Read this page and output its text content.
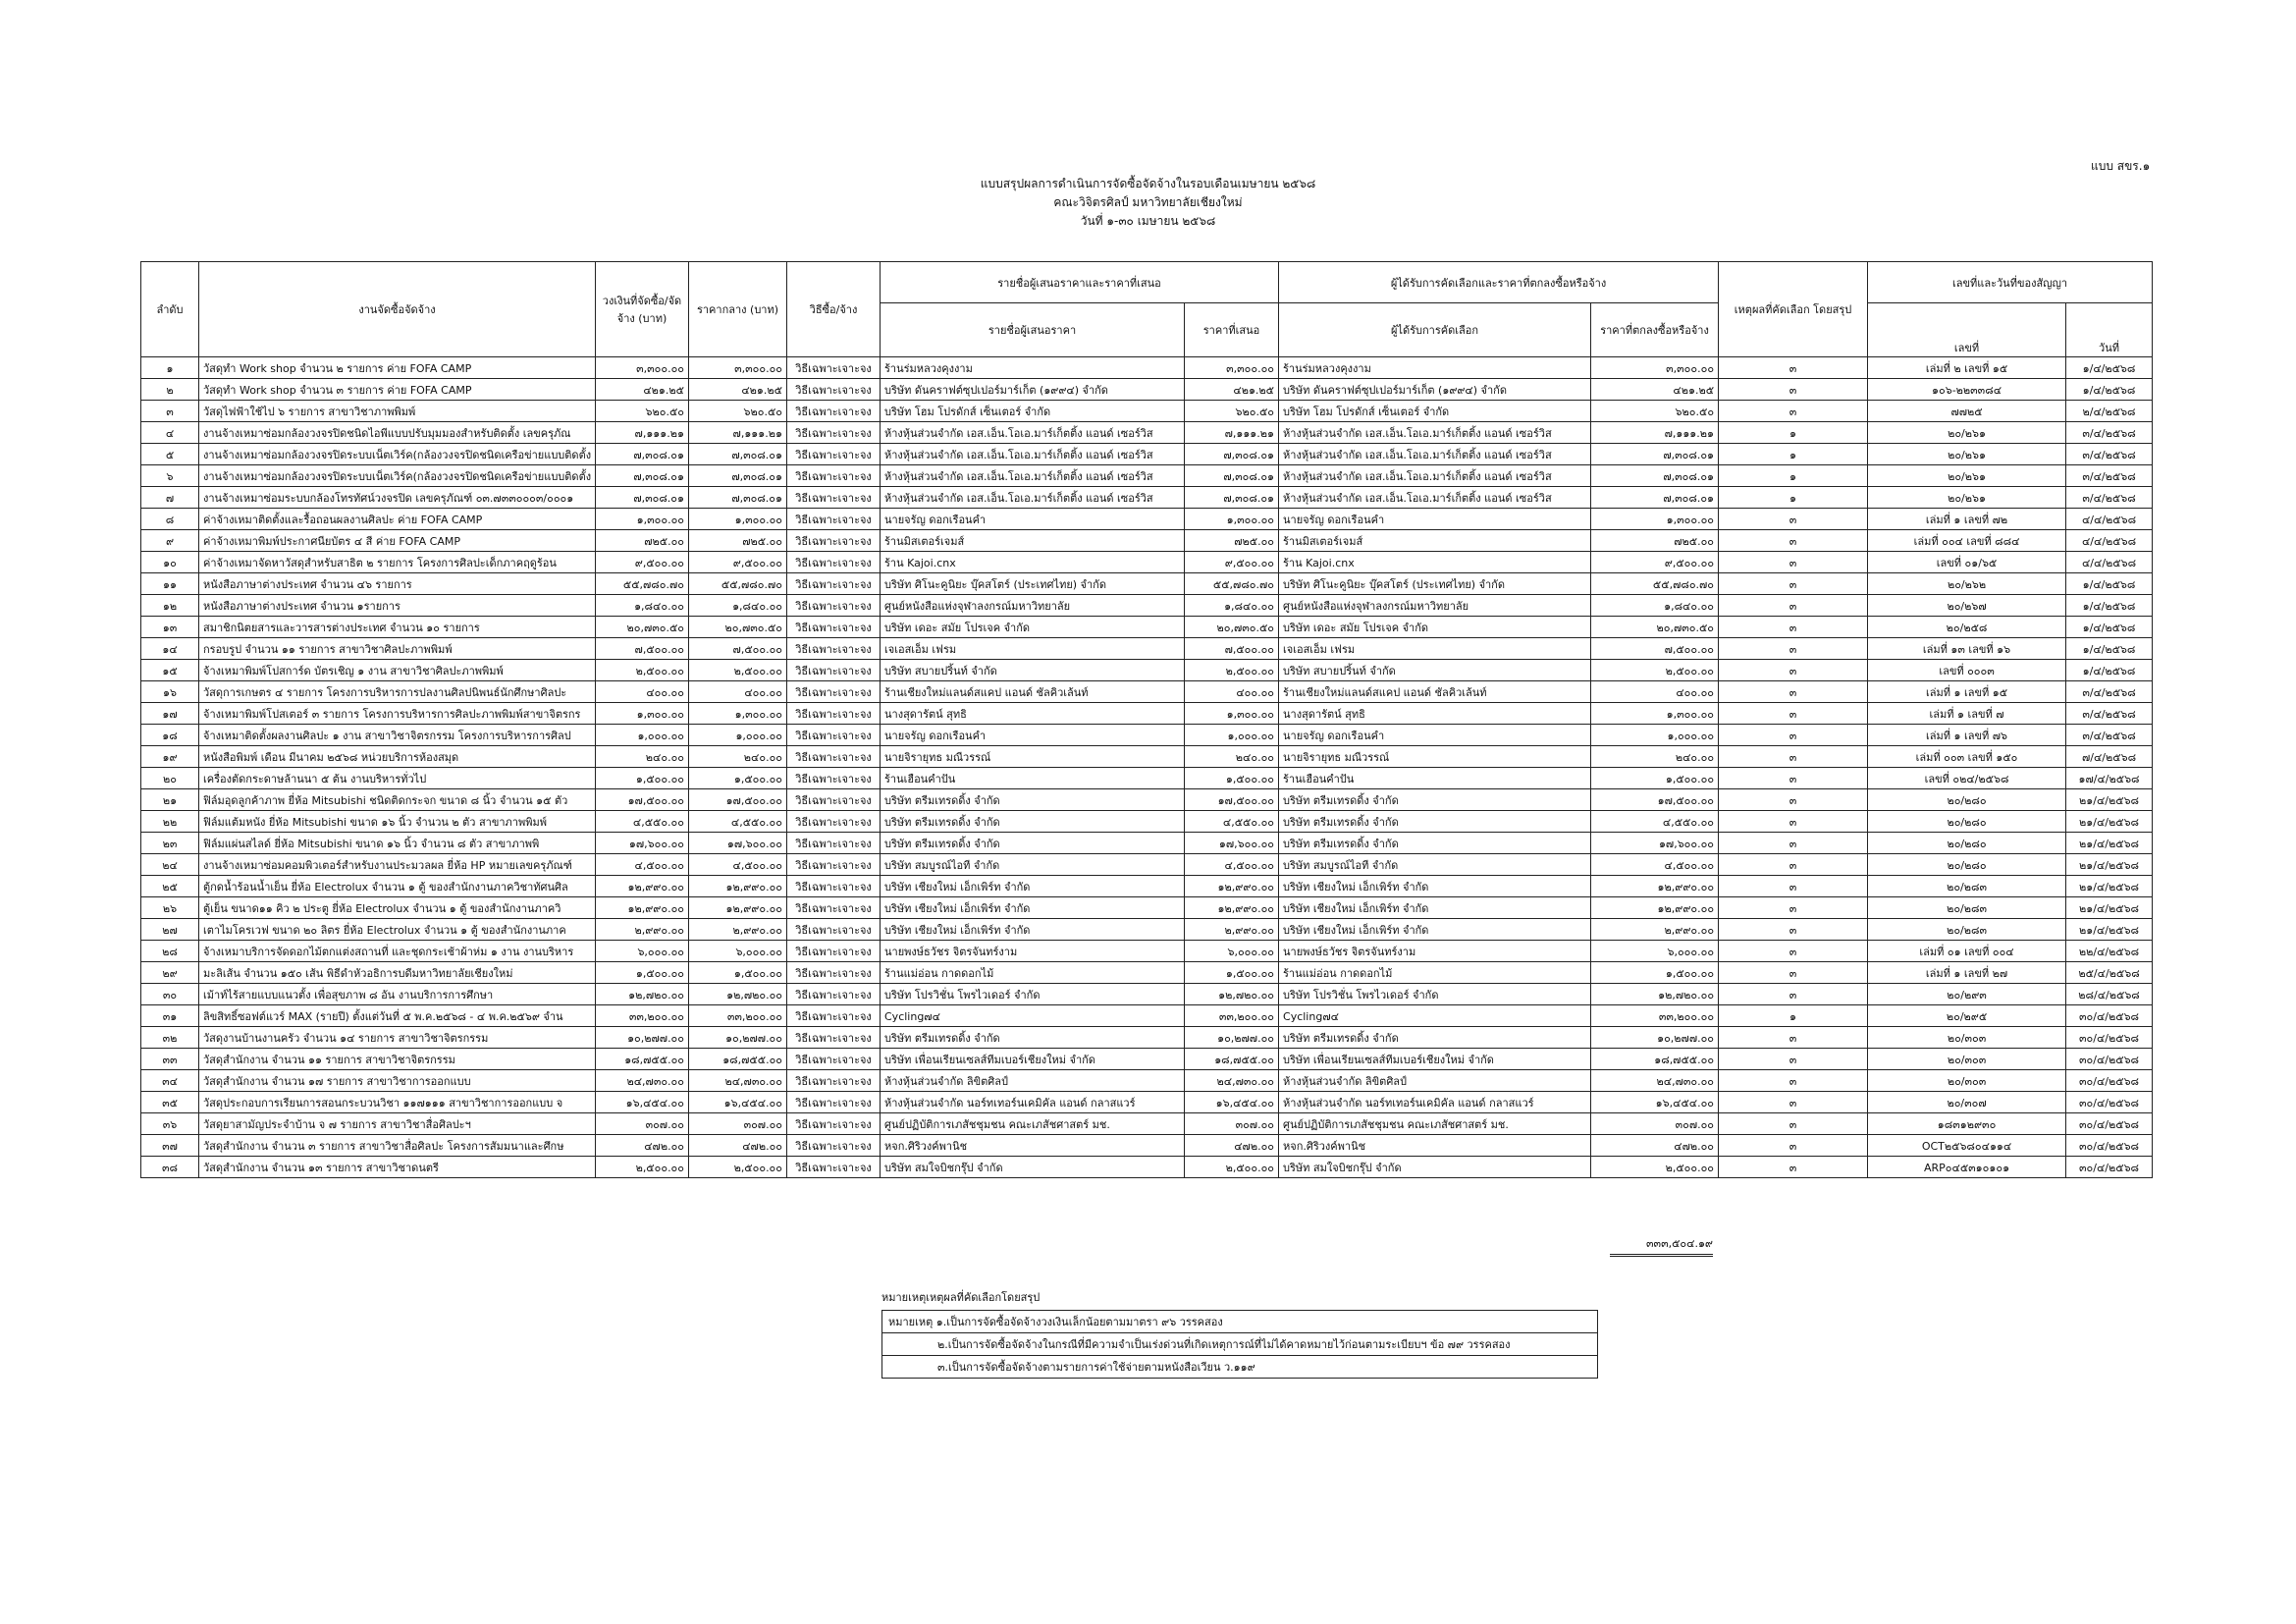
แบบ สขร.๑
แบบสรุปผลการดำเนินการจัดซื้อจัดจ้างในรอบเดือนเมษายน ๒๕๖๘
คณะวิจิตรศิลป์ มหาวิทยาลัยเชียงใหม่
วันที่ ๑-๓๐ เมษายน ๒๕๖๘
ลำดับ	งานจัดซื้อจัดจ้าง	วงเงินที่จัดซื้อ/จัดจ้าง (บาท)	ราคากลาง (บาท)	วิธีซื้อ/จ้าง	รายชื่อผู้เสนอราคาและราคาที่เสนอ		ผู้ได้รับการคัดเลือกและราคาที่ตกลงซื้อหรือจ้าง		เหตุผลที่คัดเลือก โดยสรุป	เลขที่และวันที่ของสัญญา	
					รายชื่อผู้เสนอราคา	ราคาที่เสนอ	ผู้ได้รับการคัดเลือก	ราคาที่ตกลงซื้อหรือจ้าง		เลขที่	วันที่
๑	วัสดุทำ Work shop จำนวน ๒ รายการ ค่าย FOFA CAMP	๓,๓๐๐.๐๐	๓,๓๐๐.๐๐	วิธีเฉพาะเจาะจง	ร้านร่มหลวงคุงงาม	๓,๓๐๐.๐๐	ร้านร่มหลวงคุงงาม	๓,๓๐๐.๐๐	๓	เล่มที่ ๒ เลขที่ ๑๕	๑/๔/๒๕๖๘
๒	วัสดุทำ Work shop จำนวน ๓ รายการ ค่าย FOFA CAMP	๔๒๑.๒๕	๔๒๑.๒๕	วิธีเฉพาะเจาะจง	บริษัท ดันคราฟต์ซุปเปอร์มาร์เก็ต (๑๙๙๔) จำกัด	๔๒๑.๒๕	บริษัท ดันคราฟต์ซุปเปอร์มาร์เก็ต (๑๙๙๔) จำกัด	๔๒๑.๒๕	๓	๑๐๖-๒๒๓๓๘๔	๑/๔/๒๕๖๘
๓	วัสดุไฟฟ้าใช้ไป ๖ รายการ สาขาวิชาภาพพิมพ์	๖๒๐.๕๐	๖๒๐.๕๐	วิธีเฉพาะเจาะจง	บริษัท โฮม โปรดักส์ เซ็นเตอร์ จำกัด	๖๒๐.๕๐	บริษัท โฮม โปรดักส์ เซ็นเตอร์ จำกัด	๖๒๐.๕๐	๓	๗๗๒๕	๒/๔/๒๕๖๘
๔	งานจ้างเหมาซ่อมกล้องวงจรปิดชนิดไอพีแบบปรับมุมมองสำหรับติดตั้ง เลขครุภัณ	๗,๑๑๑.๒๑	๗,๑๑๑.๒๑	วิธีเฉพาะเจาะจง	ห้างหุ้นส่วนจำกัด เอส.เอ็น.โอเอ.มาร์เก็ตติ้ง แอนด์ เซอร์วิส	๗,๑๑๑.๒๑	ห้างหุ้นส่วนจำกัด เอส.เอ็น.โอเอ.มาร์เก็ตติ้ง แอนด์ เซอร์วิส	๗,๑๑๑.๒๑	๑	๒๐/๒๖๑	๓/๔/๒๕๖๘
๕	งานจ้างเหมาซ่อมกล้องวงจรปิดระบบเน็ตเวิร์ค(กล้องวงจรปิดชนิดเครือข่ายแบบติดตั้ง	๗,๓๐๘.๐๑	๗,๓๐๘.๐๑	วิธีเฉพาะเจาะจง	ห้างหุ้นส่วนจำกัด เอส.เอ็น.โอเอ.มาร์เก็ตติ้ง แอนด์ เซอร์วิส	๗,๓๐๘.๐๑	ห้างหุ้นส่วนจำกัด เอส.เอ็น.โอเอ.มาร์เก็ตติ้ง แอนด์ เซอร์วิส	๗,๓๐๘.๐๑	๑	๒๐/๒๖๑	๓/๔/๒๕๖๘
๖	งานจ้างเหมาซ่อมกล้องวงจรปิดระบบเน็ตเวิร์ค(กล้องวงจรปิดชนิดเครือข่ายแบบติดตั้ง	๗,๓๐๘.๐๑	๗,๓๐๘.๐๑	วิธีเฉพาะเจาะจง	ห้างหุ้นส่วนจำกัด เอส.เอ็น.โอเอ.มาร์เก็ตติ้ง แอนด์ เซอร์วิส	๗,๓๐๘.๐๑	ห้างหุ้นส่วนจำกัด เอส.เอ็น.โอเอ.มาร์เก็ตติ้ง แอนด์ เซอร์วิส	๗,๓๐๘.๐๑	๑	๒๐/๒๖๑	๓/๔/๒๕๖๘
๗	งานจ้างเหมาซ่อมระบบกล้องโทรทัศน์วงจรปิด เลขครุภัณฑ์ ๐๓.๗๓๓๐๐๐๓/๐๐๐๑	๗,๓๐๘.๐๑	๗,๓๐๘.๐๑	วิธีเฉพาะเจาะจง	ห้างหุ้นส่วนจำกัด เอส.เอ็น.โอเอ.มาร์เก็ตติ้ง แอนด์ เซอร์วิส	๗,๓๐๘.๐๑	ห้างหุ้นส่วนจำกัด เอส.เอ็น.โอเอ.มาร์เก็ตติ้ง แอนด์ เซอร์วิส	๗,๓๐๘.๐๑	๑	๒๐/๒๖๑	๓/๔/๒๕๖๘
๘	ค่าจ้างเหมาติดตั้งและรื้อถอนผลงานศิลปะ ค่าย FOFA CAMP	๑,๓๐๐.๐๐	๑,๓๐๐.๐๐	วิธีเฉพาะเจาะจง	นายจรัญ ดอกเรือนคำ	๑,๓๐๐.๐๐	นายจรัญ ดอกเรือนคำ	๑,๓๐๐.๐๐	๓	เล่มที่ ๑ เลขที่ ๗๒	๔/๔/๒๕๖๘
๙	ค่าจ้างเหมาพิมพ์ประกาศนียบัตร ๔ สี ค่าย FOFA CAMP	๗๒๕.๐๐	๗๒๕.๐๐	วิธีเฉพาะเจาะจง	ร้านมิสเตอร์เจมส์	๗๒๕.๐๐	ร้านมิสเตอร์เจมส์	๗๒๕.๐๐	๓	เล่มที่ ๐๐๔ เลขที่ ๘๘๔	๔/๔/๒๕๖๘
๑๐	ค่าจ้างเหมาจัดหาวัสดุสำหรับสาธิต ๒ รายการ โครงการศิลปะเด็กภาคฤดูร้อน	๙,๕๐๐.๐๐	๙,๕๐๐.๐๐	วิธีเฉพาะเจาะจง	ร้าน Kajoi.cnx	๙,๕๐๐.๐๐	ร้าน Kajoi.cnx	๙,๕๐๐.๐๐	๓	เลขที่ ๐๑/๖๕	๔/๔/๒๕๖๘
๑๑	หนังสือภาษาต่างประเทศ จำนวน ๔๖ รายการ	๕๕,๗๘๐.๗๐	๕๕,๗๘๐.๗๐	วิธีเฉพาะเจาะจง	บริษัท ศิโนะคูนิยะ บุ๊คสโตร์ (ประเทศไทย) จำกัด	๕๕,๗๘๐.๗๐	บริษัท ศิโนะคูนิยะ บุ๊คสโตร์ (ประเทศไทย) จำกัด	๕๕,๗๘๐.๗๐	๓	๒๐/๒๖๒	๑/๔/๒๕๖๘
๑๒	หนังสือภาษาต่างประเทศ จำนวน ๑รายการ	๑,๘๔๐.๐๐	๑,๘๔๐.๐๐	วิธีเฉพาะเจาะจง	ศูนย์หนังสือแห่งจุฬาลงกรณ์มหาวิทยาลัย	๑,๘๔๐.๐๐	ศูนย์หนังสือแห่งจุฬาลงกรณ์มหาวิทยาลัย	๑,๘๔๐.๐๐	๓	๒๐/๒๖๗	๑/๔/๒๕๖๘
๑๓	สมาชิกนิตยสารและวารสารต่างประเทศ จำนวน ๑๐ รายการ	๒๐,๗๓๐.๕๐	๒๐,๗๓๐.๕๐	วิธีเฉพาะเจาะจง	บริษัท เดอะ สมัย โปรเจค จำกัด	๒๐,๗๓๐.๕๐	บริษัท เดอะ สมัย โปรเจค จำกัด	๒๐,๗๓๐.๕๐	๓	๒๐/๒๕๘	๑/๔/๒๕๖๘
๑๔	กรอบรูป จำนวน ๑๑ รายการ สาขาวิชาศิลปะภาพพิมพ์	๗,๕๐๐.๐๐	๗,๕๐๐.๐๐	วิธีเฉพาะเจาะจง	เจเอสเอ็ม เฟรม	๗,๕๐๐.๐๐	เจเอสเอ็ม เฟรม	๗,๕๐๐.๐๐	๓	เล่มที่ ๑๓ เลขที่ ๑๖	๑/๔/๒๕๖๘
๑๕	จ้างเหมาพิมพ์โปสการ์ด บัตรเชิญ ๑ งาน สาขาวิชาศิลปะภาพพิมพ์	๒,๕๐๐.๐๐	๒,๕๐๐.๐๐	วิธีเฉพาะเจาะจง	บริษัท สบายปริ้นท์ จำกัด	๒,๕๐๐.๐๐	บริษัท สบายปริ้นท์ จำกัด	๒,๕๐๐.๐๐	๓	เลขที่ ๐๐๐๓	๑/๔/๒๕๖๘
๑๖	วัสดุการเกษตร ๔ รายการ โครงการบริหารการปลงานศิลปนิพนธ์นักศึกษาศิลปะ	๔๐๐.๐๐	๔๐๐.๐๐	วิธีเฉพาะเจาะจง	ร้านเชียงใหม่แลนด์สแคป แอนด์ ชัลคิวเล้นท์	๔๐๐.๐๐	ร้านเชียงใหม่แลนด์สแคป แอนด์ ชัลคิวเล้นท์	๔๐๐.๐๐	๓	เล่มที่ ๑ เลขที่ ๑๕	๓/๔/๒๕๖๘
๑๗	จ้างเหมาพิมพ์โปสเตอร์ ๓ รายการ โครงการบริหารการศิลปะภาพพิมพ์สาขาจิตรกร	๑,๓๐๐.๐๐	๑,๓๐๐.๐๐	วิธีเฉพาะเจาะจง	นางสุดารัตน์ สุทธิ	๑,๓๐๐.๐๐	นางสุดารัตน์ สุทธิ	๑,๓๐๐.๐๐	๓	เล่มที่ ๑ เลขที่ ๗	๓/๔/๒๕๖๘
๑๘	จ้างเหมาติดตั้งผลงานศิลปะ ๑ งาน สาขาวิชาจิตรกรรม โครงการบริหารการศิลป	๑,๐๐๐.๐๐	๑,๐๐๐.๐๐	วิธีเฉพาะเจาะจง	นายจรัญ ดอกเรือนคำ	๑,๐๐๐.๐๐	นายจรัญ ดอกเรือนคำ	๑,๐๐๐.๐๐	๓	เล่มที่ ๑ เลขที่ ๗๖	๓/๔/๒๕๖๘
๑๙	หนังสือพิมพ์ เดือน มีนาคม ๒๕๖๘ หน่วยบริการห้องสมุด	๒๔๐.๐๐	๒๔๐.๐๐	วิธีเฉพาะเจาะจง	นายจิรายุทธ มณีวรรณ์	๒๔๐.๐๐	นายจิรายุทธ มณีวรรณ์	๒๔๐.๐๐	๓	เล่มที่ ๐๐๓ เลขที่ ๑๕๐	๗/๔/๒๕๖๘
๒๐	เครื่องตัดกระดาษล้านนา ๕ ต้น งานบริหารทั่วไป	๑,๕๐๐.๐๐	๑,๕๐๐.๐๐	วิธีเฉพาะเจาะจง	ร้านเฮือนคำปัน	๑,๕๐๐.๐๐	ร้านเฮือนคำปัน	๑,๕๐๐.๐๐	๓	เลขที่ ๐๒๔/๒๕๖๘	๑๗/๔/๒๕๖๘
๒๑	ฟิล์มอุดลูกค้าภาพ ยี่ห้อ Mitsubishi ชนิดติดกระจก ขนาด ๘ นิ้ว จำนวน ๑๕ ตัว	๑๗,๕๐๐.๐๐	๑๗,๕๐๐.๐๐	วิธีเฉพาะเจาะจง	บริษัท ตรีมเทรดดิ้ง จำกัด	๑๗,๕๐๐.๐๐	บริษัท ตรีมเทรดดิ้ง จำกัด	๑๗,๕๐๐.๐๐	๓	๒๐/๒๘๐	๒๑/๔/๒๕๖๘
๒๒	ฟิล์มแต้มหนัง ยี่ห้อ Mitsubishi ขนาด ๑๖ นิ้ว จำนวน ๒ ตัว สาขาภาพพิมพ์	๔,๕๕๐.๐๐	๔,๕๕๐.๐๐	วิธีเฉพาะเจาะจง	บริษัท ตรีมเทรดดิ้ง จำกัด	๔,๕๕๐.๐๐	บริษัท ตรีมเทรดดิ้ง จำกัด	๔,๕๕๐.๐๐	๓	๒๐/๒๘๐	๒๑/๔/๒๕๖๘
๒๓	ฟิล์มแผ่นสไลด์ ยี่ห้อ Mitsubishi ขนาด ๑๖ นิ้ว จำนวน ๘ ตัว สาขาภาพพิ	๑๗,๖๐๐.๐๐	๑๗,๖๐๐.๐๐	วิธีเฉพาะเจาะจง	บริษัท ตรีมเทรดดิ้ง จำกัด	๑๗,๖๐๐.๐๐	บริษัท ตรีมเทรดดิ้ง จำกัด	๑๗,๖๐๐.๐๐	๓	๒๐/๒๘๐	๒๑/๔/๒๕๖๘
๒๔	งานจ้างเหมาซ่อมคอมพิวเตอร์สำหรับงานประมวลผล ยี่ห้อ HP หมายเลขครุภัณฑ์	๔,๕๐๐.๐๐	๔,๕๐๐.๐๐	วิธีเฉพาะเจาะจง	บริษัท สมบูรณ์ไอที จำกัด	๔,๕๐๐.๐๐	บริษัท สมบูรณ์ไอที จำกัด	๔,๕๐๐.๐๐	๓	๒๐/๒๘๐	๒๑/๔/๒๕๖๘
๒๕	ตู้กดน้ำร้อนน้ำเย็น ยี่ห้อ Electrolux จำนวน ๑ ตู้ ของสำนักงานภาควิชาทัศนศิล	๑๒,๙๙๐.๐๐	๑๒,๙๙๐.๐๐	วิธีเฉพาะเจาะจง	บริษัท เชียงใหม่ เอ็กเพิร์ท จำกัด	๑๒,๙๙๐.๐๐	บริษัท เชียงใหม่ เอ็กเพิร์ท จำกัด	๑๒,๙๙๐.๐๐	๓	๒๐/๒๘๓	๒๑/๔/๒๕๖๘
๒๖	ตู้เย็น ขนาด๑๑ คิว ๒ ประตู ยี่ห้อ Electrolux จำนวน ๑ ตู้ ของสำนักงานภาควิ	๑๒,๙๙๐.๐๐	๑๒,๙๙๐.๐๐	วิธีเฉพาะเจาะจง	บริษัท เชียงใหม่ เอ็กเพิร์ท จำกัด	๑๒,๙๙๐.๐๐	บริษัท เชียงใหม่ เอ็กเพิร์ท จำกัด	๑๒,๙๙๐.๐๐	๓	๒๐/๒๘๓	๒๑/๔/๒๕๖๘
๒๗	เตาไมโครเวฟ ขนาด ๒๐ ลิตร ยี่ห้อ Electrolux จำนวน ๑ ตู้ ของสำนักงานภาค	๒,๙๙๐.๐๐	๒,๙๙๐.๐๐	วิธีเฉพาะเจาะจง	บริษัท เชียงใหม่ เอ็กเพิร์ท จำกัด	๒,๙๙๐.๐๐	บริษัท เชียงใหม่ เอ็กเพิร์ท จำกัด	๒,๙๙๐.๐๐	๓	๒๐/๒๘๓	๒๑/๔/๒๕๖๘
๒๘	จ้างเหมาบริการจัดดอกไม้ตกแต่งสถานที่ และชุดกระเช้าผ้าห่ม ๑ งาน งานบริหาร	๖,๐๐๐.๐๐	๖,๐๐๐.๐๐	วิธีเฉพาะเจาะจง	นายพงษ์ธวัชร จิตรจันทร์งาม	๖,๐๐๐.๐๐	นายพงษ์ธวัชร จิตรจันทร์งาม	๖,๐๐๐.๐๐	๓	เล่มที่ ๐๑ เลขที่ ๐๐๔	๒๒/๔/๒๕๖๘
๒๙	มะลิเส้น จำนวน ๑๕๐ เส้น พิธีดำหัวอธิการบดีมหาวิทยาลัยเชียงใหม่	๑,๕๐๐.๐๐	๑,๕๐๐.๐๐	วิธีเฉพาะเจาะจง	ร้านแม่อ่อน กาดดอกไม้	๑,๕๐๐.๐๐	ร้านแม่อ่อน กาดดอกไม้	๑,๕๐๐.๐๐	๓	เล่มที่ ๑ เลขที่ ๒๗	๒๕/๔/๒๕๖๘
๓๐	เม้าท์ไร้สายแบบแนวตั้ง เพื่อสุขภาพ ๘ อัน งานบริการการศึกษา	๑๒,๗๒๐.๐๐	๑๒,๗๒๐.๐๐	วิธีเฉพาะเจาะจง	บริษัท โปรวิชั่น โพรไวเดอร์ จำกัด	๑๒,๗๒๐.๐๐	บริษัท โปรวิชั่น โพรไวเดอร์ จำกัด	๑๒,๗๒๐.๐๐	๓	๒๐/๒๙๓	๒๘/๔/๒๕๖๘
๓๑	ลิขสิทธิ์ซอฟต์แวร์ MAX (รายปี) ตั้งแต่วันที่ ๕ พ.ค.๒๕๖๘ - ๔ พ.ค.๒๕๖๙ จำน	๓๓,๒๐๐.๐๐	๓๓,๒๐๐.๐๐	วิธีเฉพาะเจาะจง	Cycling๗๔	๓๓,๒๐๐.๐๐	Cycling๗๔	๓๓,๒๐๐.๐๐	๑	๒๐/๒๙๕	๓๐/๔/๒๕๖๘
๓๒	วัสดุงานบ้านงานครัว จำนวน ๑๔ รายการ สาขาวิชาจิตรกรรม	๑๐,๒๗๗.๐๐	๑๐,๒๗๗.๐๐	วิธีเฉพาะเจาะจง	บริษัท ตรีมเทรดดิ้ง จำกัด	๑๐,๒๗๗.๐๐	บริษัท ตรีมเทรดดิ้ง จำกัด	๑๐,๒๗๗.๐๐	๓	๒๐/๓๐๓	๓๐/๔/๒๕๖๘
๓๓	วัสดุสำนักงาน จำนวน ๑๑ รายการ สาขาวิชาจิตรกรรม	๑๘,๗๕๕.๐๐	๑๘,๗๕๕.๐๐	วิธีเฉพาะเจาะจง	บริษัท เพื่อนเรียนเซลส์ทีมเบอร์เชียงใหม่ จำกัด	๑๘,๗๕๕.๐๐	บริษัท เพื่อนเรียนเซลส์ทีมเบอร์เชียงใหม่ จำกัด	๑๘,๗๕๕.๐๐	๓	๒๐/๓๐๓	๓๐/๔/๒๕๖๘
๓๔	วัสดุสำนักงาน จำนวน ๑๗ รายการ สาขาวิชาการออกแบบ	๒๔,๗๓๐.๐๐	๒๔,๗๓๐.๐๐	วิธีเฉพาะเจาะจง	ห้างหุ้นส่วนจำกัด ลิขิตศิลป์	๒๔,๗๓๐.๐๐	ห้างหุ้นส่วนจำกัด ลิขิตศิลป์	๒๔,๗๓๐.๐๐	๓	๒๐/๓๐๓	๓๐/๔/๒๕๖๘
๓๕	วัสดุประกอบการเรียนการสอนกระบวนวิชา ๑๑๗๑๑๑ สาขาวิชาการออกแบบ จ	๑๖,๔๕๔.๐๐	๑๖,๔๕๔.๐๐	วิธีเฉพาะเจาะจง	ห้างหุ้นส่วนจำกัด นอร์ทเทอร์นเคมิคัล แอนด์ กลาสแวร์	๑๖,๔๕๔.๐๐	ห้างหุ้นส่วนจำกัด นอร์ทเทอร์นเคมิคัล แอนด์ กลาสแวร์	๑๖,๔๕๔.๐๐	๓	๒๐/๓๐๗	๓๐/๔/๒๕๖๘
๓๖	วัสดุยาสามัญประจำบ้าน จ ๗ รายการ สาขาวิชาสื่อศิลปะฯ	๓๐๗.๐๐	๓๐๗.๐๐	วิธีเฉพาะเจาะจง	ศูนย์ปฏิบัติการเภสัชชุมชน คณะเภสัชศาสตร์ มช.	๓๐๗.๐๐	ศูนย์ปฏิบัติการเภสัชชุมชน คณะเภสัชศาสตร์ มช.	๓๐๗.๐๐	๓	๑๘๓๑๒๙๓๐	๓๐/๔/๒๕๖๘
๓๗	วัสดุสำนักงาน จำนวน ๓ รายการ สาขาวิชาสื่อศิลปะ โครงการสัมมนาและศึกษ	๔๗๒.๐๐	๔๗๒.๐๐	วิธีเฉพาะเจาะจง	หจก.ศิริวงค์พานิช	๔๗๒.๐๐	หจก.ศิริวงค์พานิช	๔๗๒.๐๐	๓	OCT๒๕๖๘๐๔๑๑๔	๓๐/๔/๒๕๖๘
๓๘	วัสดุสำนักงาน จำนวน ๑๓ รายการ สาขาวิชาดนตรี	๒,๕๐๐.๐๐	๒,๕๐๐.๐๐	วิธีเฉพาะเจาะจง	บริษัท สมใจบิชกรุ๊ป จำกัด	๒,๕๐๐.๐๐	บริษัท สมใจบิชกรุ๊ป จำกัด	๒,๕๐๐.๐๐	๓	ARP๐๔๕๓๑๐๑๐๑	๓๐/๔/๒๕๖๘
๓๓๓,๕๐๔.๑๙
หมายเหตุเหตุผลที่คัดเลือกโดยสรุป
หมายเหตุ ๑.เป็นการจัดซื้อจัดจ้างวงเงินเล็กน้อยตามมาตรา ๙๖ วรรคสอง
๒.เป็นการจัดซื้อจัดจ้างในกรณีที่มีความจำเป็นเร่งด่วนที่เกิดเหตุการณ์ที่ไม่ได้คาดหมายไว้ก่อนตามระเบียบฯ ข้อ ๗๙ วรรคสอง
๓.เป็นการจัดซื้อจัดจ้างตามรายการค่าใช้จ่ายตามหนังสือเวียน ว.๑๑๙
